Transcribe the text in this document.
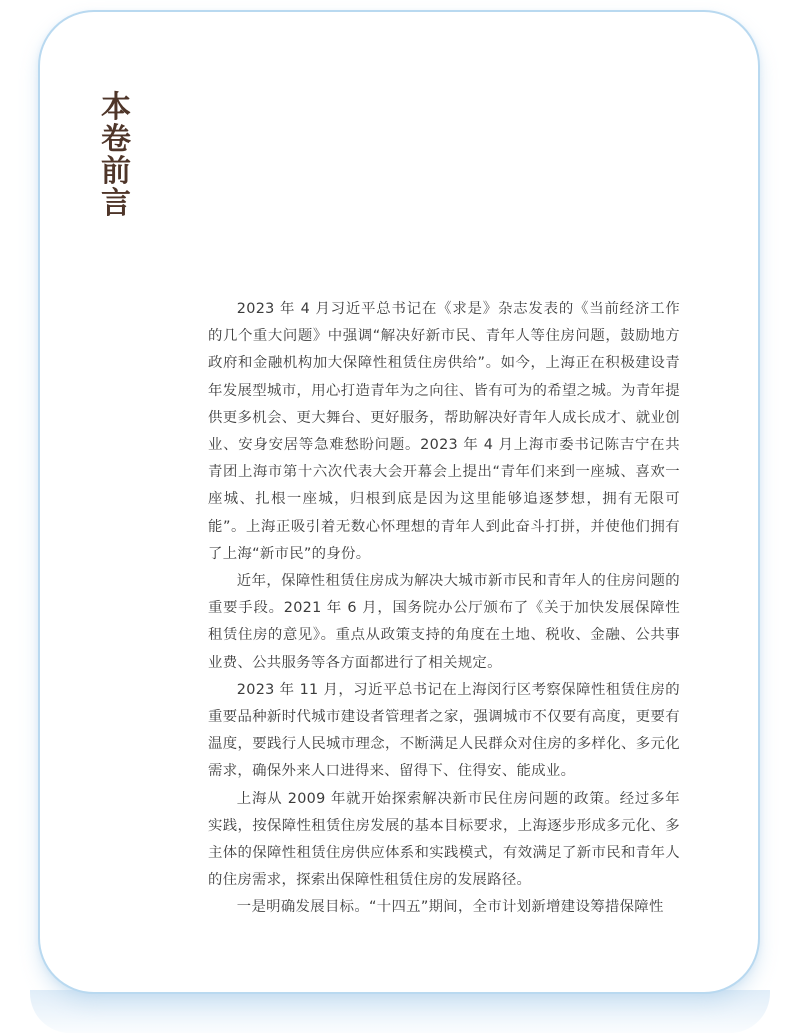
本
卷
前
言

2023 年 4 月习近平总书记在《求是》杂志发表的《当前经济工作的几个重大问题》中强调“解决好新市民、青年人等住房问题，鼓励地方政府和金融机构加大保障性租赁住房供给”。如今，上海正在积极建设青年发展型城市，用心打造青年为之向往、皆有可为的希望之城。为青年提供更多机会、更大舞台、更好服务，帮助解决好青年人成长成才、就业创业、安身安居等急难愁盼问题。2023 年 4 月上海市委书记陈吉宁在共青团上海市第十六次代表大会开幕会上提出“青年们来到一座城、喜欢一座城、扎根一座城，归根到底是因为这里能够追逐梦想，拥有无限可能”。上海正吸引着无数心怀理想的青年人到此奋斗打拼，并使他们拥有了上海“新市民”的身份。

近年，保障性租赁住房成为解决大城市新市民和青年人的住房问题的重要手段。2021 年 6 月，国务院办公厅颁布了《关于加快发展保障性租赁住房的意见》。重点从政策支持的角度在土地、税收、金融、公共事业费、公共服务等各方面都进行了相关规定。

2023 年 11 月，习近平总书记在上海闵行区考察保障性租赁住房的重要品种新时代城市建设者管理者之家，强调城市不仅要有高度，更要有温度，要践行人民城市理念，不断满足人民群众对住房的多样化、多元化需求，确保外来人口进得来、留得下、住得安、能成业。

上海从 2009 年就开始探索解决新市民住房问题的政策。经过多年实践，按保障性租赁住房发展的基本目标要求，上海逐步形成多元化、多主体的保障性租赁住房供应体系和实践模式，有效满足了新市民和青年人的住房需求，探索出保障性租赁住房的发展路径。

一是明确发展目标。“十四五”期间，全市计划新增建设筹措保障性
